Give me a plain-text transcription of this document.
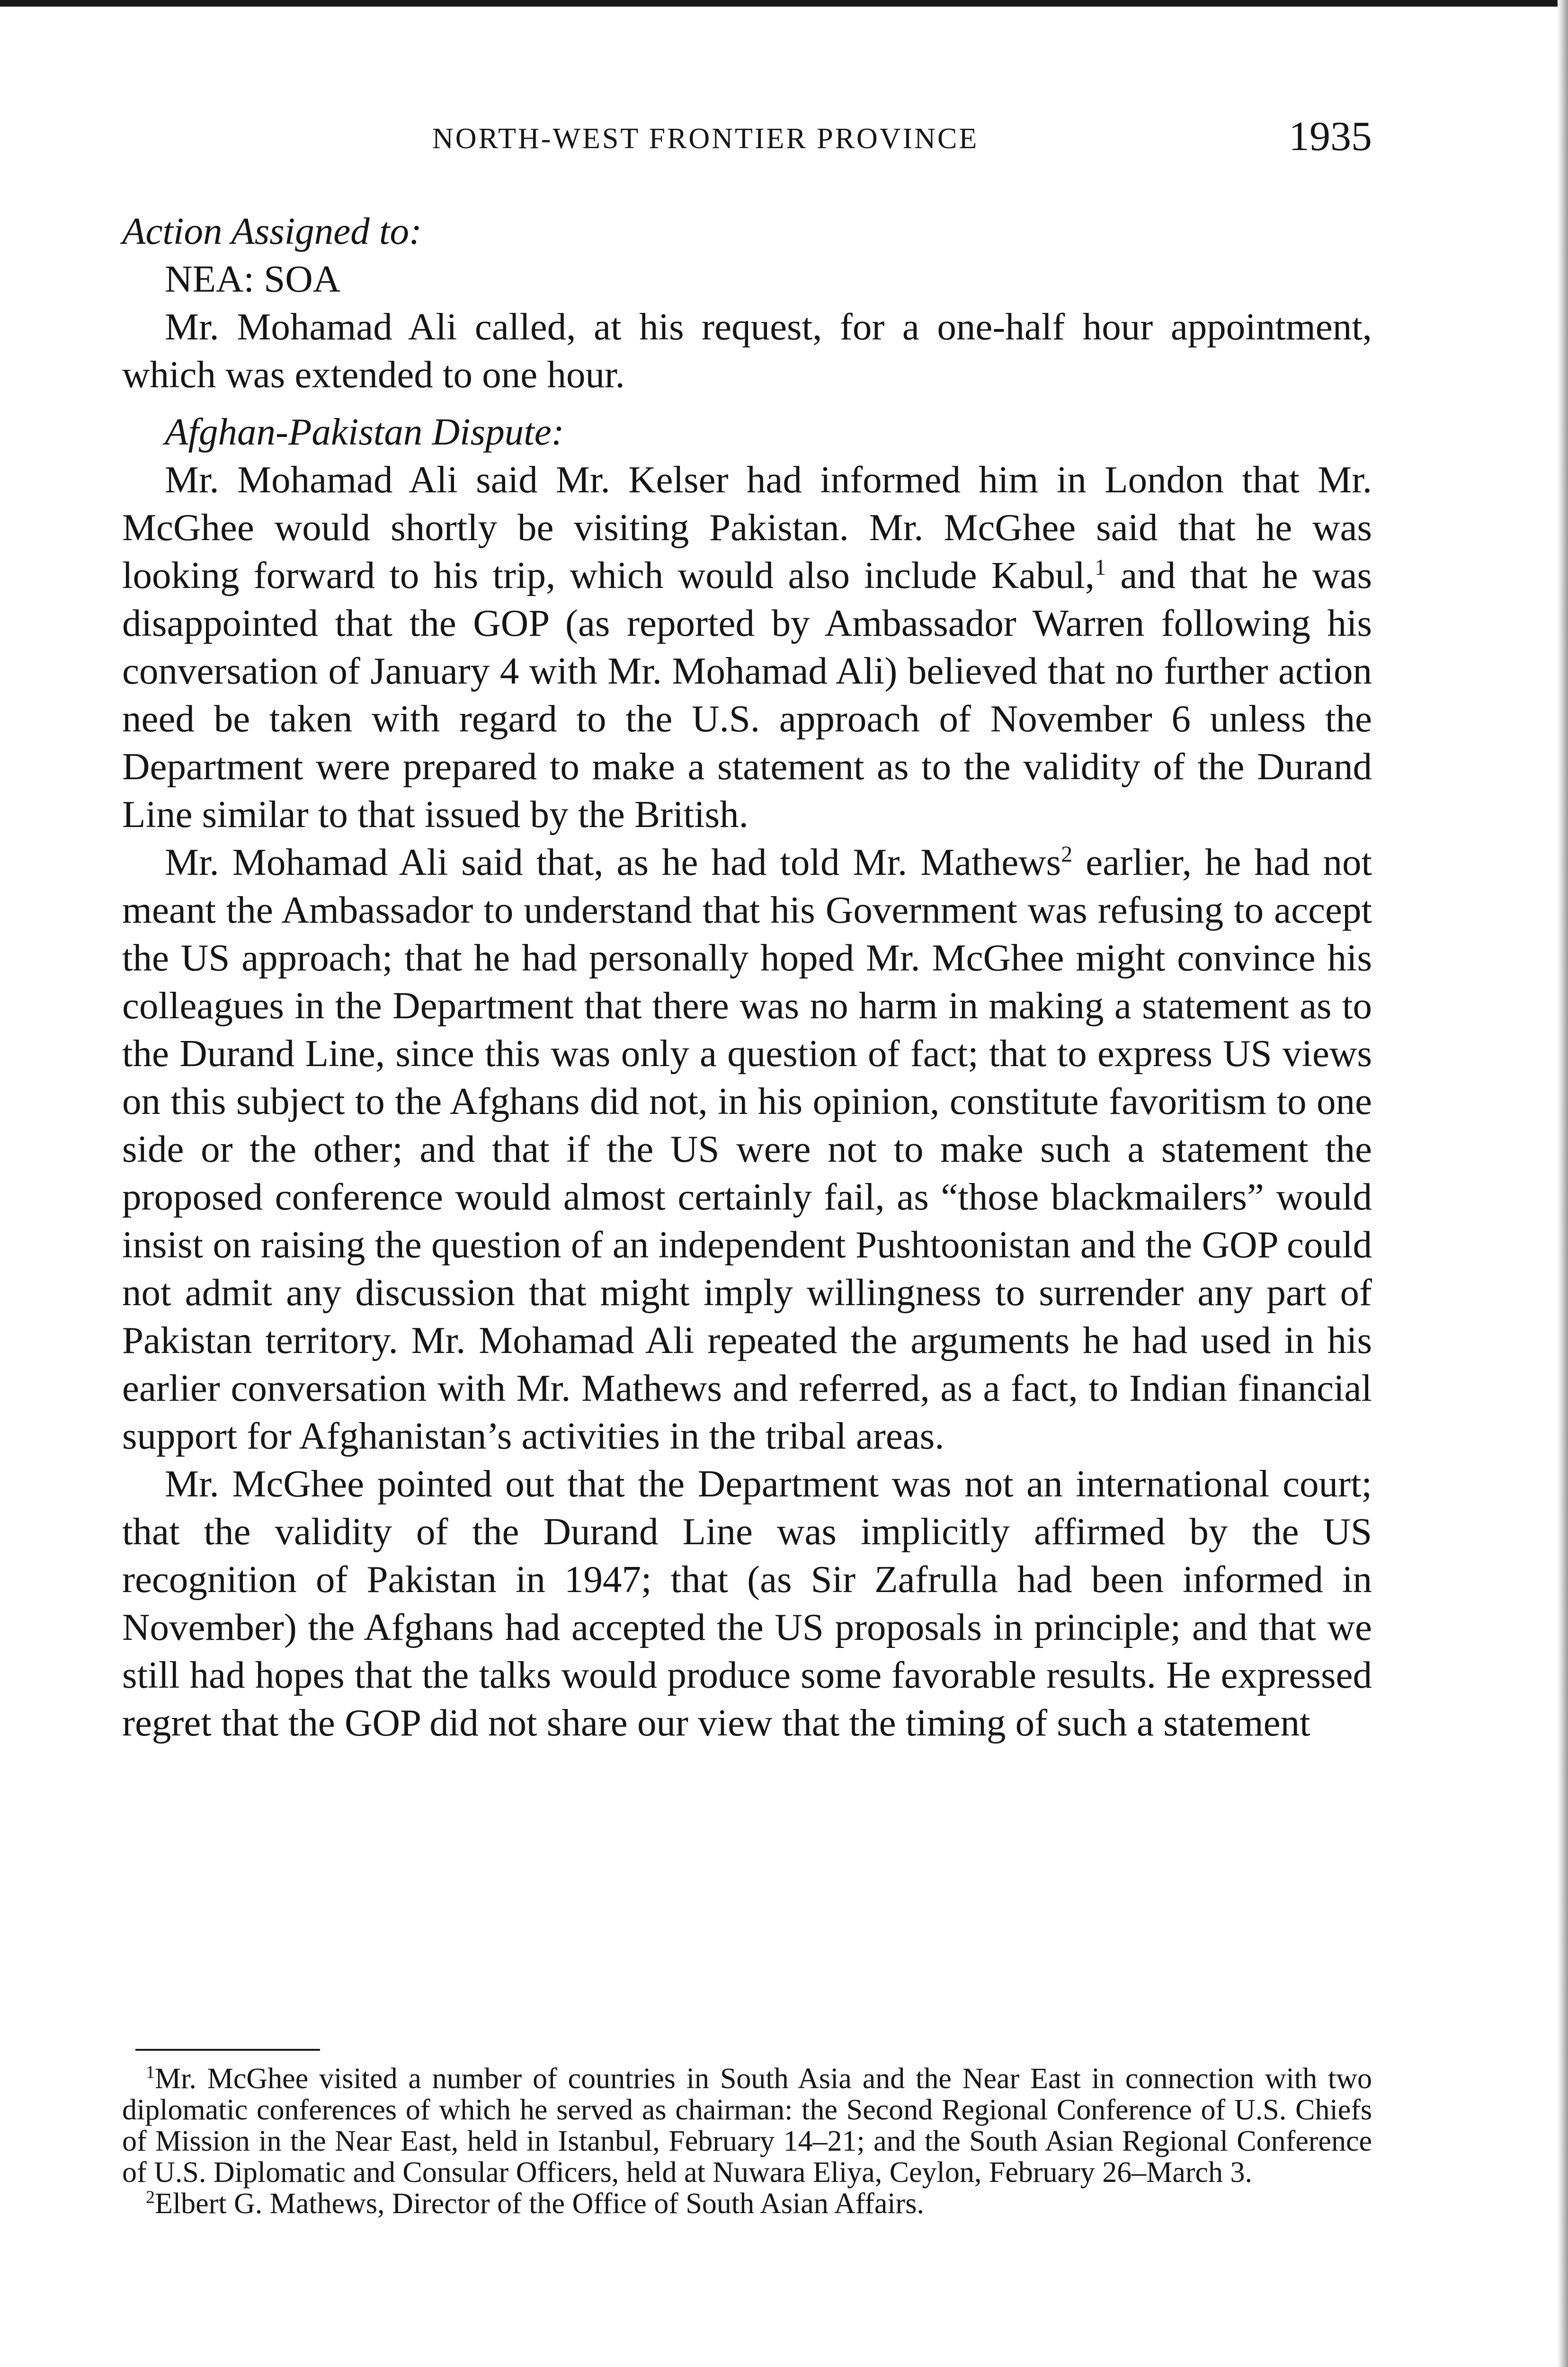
NORTH-WEST FRONTIER PROVINCE	1935

Action Assigned to:

NEA: SOA

Mr. Mohamad Ali called, at his request, for a one-half hour appointment, which was extended to one hour.

Afghan-Pakistan Dispute:

Mr. Mohamad Ali said Mr. Kelser had informed him in London that Mr. McGhee would shortly be visiting Pakistan. Mr. McGhee said that he was looking forward to his trip, which would also include Kabul,$^1$ and that he was disappointed that the GOP (as reported by Ambassador Warren following his conversation of January 4 with Mr. Mohamad Ali) believed that no further action need be taken with regard to the U.S. approach of November 6 unless the Department were prepared to make a statement as to the validity of the Durand Line similar to that issued by the British.

Mr. Mohamad Ali said that, as he had told Mr. Mathews$^2$ earlier, he had not meant the Ambassador to understand that his Government was refusing to accept the US approach; that he had personally hoped Mr. McGhee might convince his colleagues in the Department that there was no harm in making a statement as to the Durand Line, since this was only a question of fact; that to express US views on this subject to the Afghans did not, in his opinion, constitute favoritism to one side or the other; and that if the US were not to make such a statement the proposed conference would almost certainly fail, as “those blackmailers” would insist on raising the question of an independent Pushtoonistan and the GOP could not admit any discussion that might imply willingness to surrender any part of Pakistan territory. Mr. Mohamad Ali repeated the arguments he had used in his earlier conversation with Mr. Mathews and referred, as a fact, to Indian financial support for Afghanistan’s activities in the tribal areas.

Mr. McGhee pointed out that the Department was not an international court; that the validity of the Durand Line was implicitly affirmed by the US recognition of Pakistan in 1947; that (as Sir Zafrulla had been informed in November) the Afghans had accepted the US proposals in principle; and that we still had hopes that the talks would produce some favorable results. He expressed regret that the GOP did not share our view that the timing of such a statement

$^1$Mr. McGhee visited a number of countries in South Asia and the Near East in connection with two diplomatic conferences of which he served as chairman: the Second Regional Conference of U.S. Chiefs of Mission in the Near East, held in Istanbul, February 14–21; and the South Asian Regional Conference of U.S. Diplomatic and Consular Officers, held at Nuwara Eliya, Ceylon, February 26–March 3.

$^2$Elbert G. Mathews, Director of the Office of South Asian Affairs.
